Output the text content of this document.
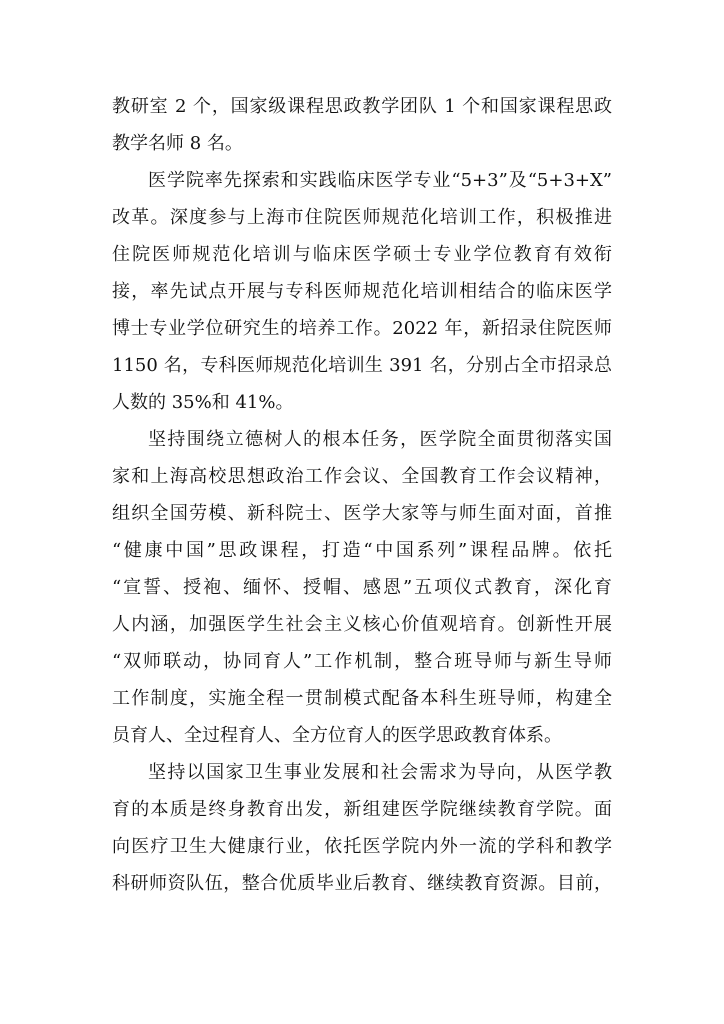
教研室 2 个，国家级课程思政教学团队 1 个和国家课程思政
教学名师 8 名。
医学院率先探索和实践临床医学专业“5+3”及“5+3+X”
改革。深度参与上海市住院医师规范化培训工作，积极推进
住院医师规范化培训与临床医学硕士专业学位教育有效衔
接，率先试点开展与专科医师规范化培训相结合的临床医学
博士专业学位研究生的培养工作。2022 年，新招录住院医师
1150 名，专科医师规范化培训生 391 名，分别占全市招录总
人数的 35%和 41%。
坚持围绕立德树人的根本任务，医学院全面贯彻落实国
家和上海高校思想政治工作会议、全国教育工作会议精神，
组织全国劳模、新科院士、医学大家等与师生面对面，首推
“健康中国”思政课程，打造“中国系列”课程品牌。依托
“宣誓、授袍、缅怀、授帽、感恩”五项仪式教育，深化育
人内涵，加强医学生社会主义核心价值观培育。创新性开展
“双师联动，协同育人”工作机制，整合班导师与新生导师
工作制度，实施全程一贯制模式配备本科生班导师，构建全
员育人、全过程育人、全方位育人的医学思政教育体系。
坚持以国家卫生事业发展和社会需求为导向，从医学教
育的本质是终身教育出发，新组建医学院继续教育学院。面
向医疗卫生大健康行业，依托医学院内外一流的学科和教学
科研师资队伍，整合优质毕业后教育、继续教育资源。目前，
